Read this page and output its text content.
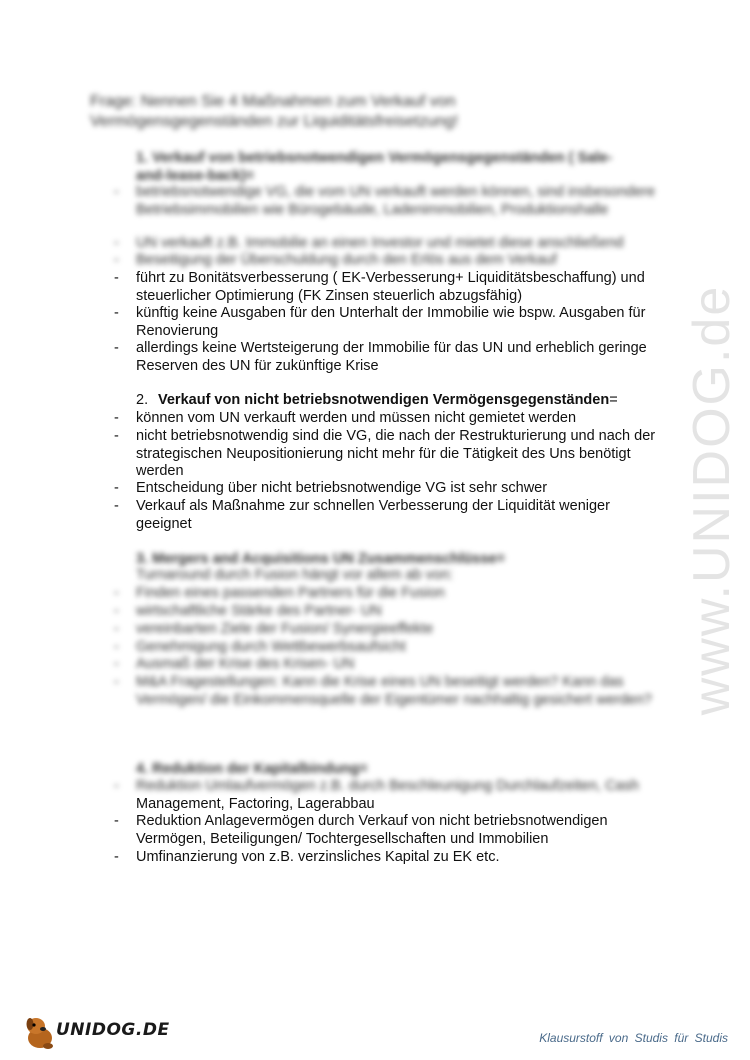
www.UNIDOG.de
Frage: Nennen Sie 4 Maßnahmen zum Verkauf von Vermögensgegenständen zur Liquiditätsfreisetzung!
1. Verkauf von betriebsnotwendigen Vermögensgegenständen ( Sale-and-lease-back)=
-	betriebsnotwendige VG, die vom UN verkauft werden können, sind insbesondere Betriebsimmobilien wie Bürogebäude, Ladenimmobilien, Produktionshalle
-	UN verkauft z.B. Immobilie an einen Investor und mietet diese anschließend
-	Beseitigung der Überschuldung durch den Erlös aus dem Verkauf
-	führt zu Bonitätsverbesserung ( EK-Verbesserung+ Liquiditätsbeschaffung) und steuerlicher Optimierung (FK Zinsen steuerlich abzugsfähig)
-	künftig keine Ausgaben für den Unterhalt der Immobilie wie bspw. Ausgaben für Renovierung
-	allerdings keine Wertsteigerung der Immobilie für das UN und erheblich geringe Reserven des UN für zukünftige Krise
2. Verkauf von nicht betriebsnotwendigen Vermögensgegenständen=
-	können vom UN verkauft werden und müssen nicht gemietet werden
-	nicht betriebsnotwendig sind die VG, die nach der Restrukturierung und nach der strategischen Neupositionierung nicht mehr für die Tätigkeit des Uns benötigt werden
-	Entscheidung über nicht betriebsnotwendige VG ist sehr schwer
-	Verkauf als Maßnahme zur schnellen Verbesserung der Liquidität weniger geeignet
3. Mergers and Acquisitions UN Zusammenschlüsse=
Turnaround durch Fusion hängt vor allem ab von:
-	Finden eines passenden Partners für die Fusion
-	wirtschaftliche Stärke des Partner- UN
-	vereinbarten Ziele der Fusion/ Synergieeffekte
-	Genehmigung durch Wettbewerbsaufsicht
-	Ausmaß der Krise des Krisen- UN
-	M&A Fragestellungen: Kann die Krise eines UN beseitigt werden? Kann das Vermögen/ die Einkommensquelle der Eigentümer nachhaltig gesichert werden?
4. Reduktion der Kapitalbindung=
-	Reduktion Umlaufvermögen z.B. durch Beschleunigung Durchlaufzeiten, Cash
Management, Factoring, Lagerabbau
-	Reduktion Anlagevermögen durch Verkauf von nicht betriebsnotwendigen Vermögen, Beteiligungen/ Tochtergesellschaften und Immobilien
-	Umfinanzierung von z.B. verzinsliches Kapital zu EK etc.
UNIDOG.DE	Klausurstoff von Studis für Studis
